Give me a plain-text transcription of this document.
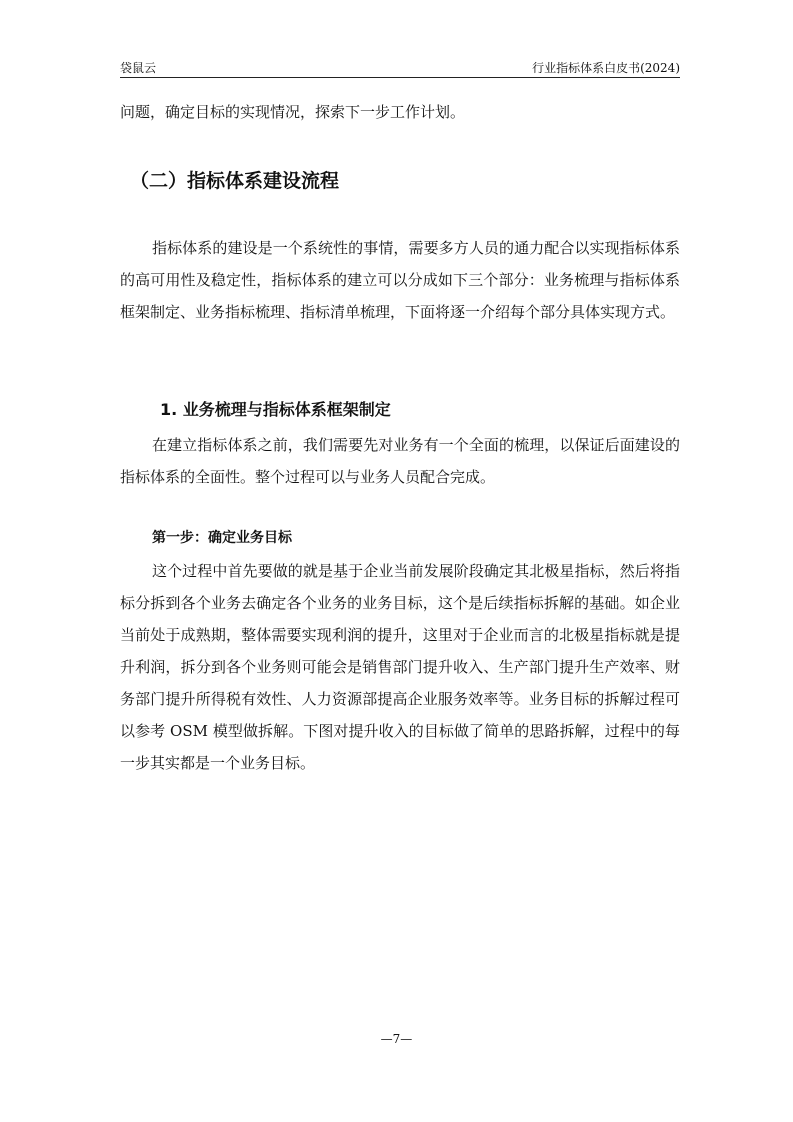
袋鼠云	行业指标体系白皮书(2024)
问题，确定目标的实现情况，探索下一步工作计划。
（二）指标体系建设流程
指标体系的建设是一个系统性的事情，需要多方人员的通力配合以实现指标体系的高可用性及稳定性，指标体系的建立可以分成如下三个部分：业务梳理与指标体系框架制定、业务指标梳理、指标清单梳理，下面将逐一介绍每个部分具体实现方式。
1. 业务梳理与指标体系框架制定
在建立指标体系之前，我们需要先对业务有一个全面的梳理，以保证后面建设的指标体系的全面性。整个过程可以与业务人员配合完成。
第一步：确定业务目标
这个过程中首先要做的就是基于企业当前发展阶段确定其北极星指标，然后将指标分拆到各个业务去确定各个业务的业务目标，这个是后续指标拆解的基础。如企业当前处于成熟期，整体需要实现利润的提升，这里对于企业而言的北极星指标就是提升利润，拆分到各个业务则可能会是销售部门提升收入、生产部门提升生产效率、财务部门提升所得税有效性、人力资源部提高企业服务效率等。业务目标的拆解过程可以参考 OSM 模型做拆解。下图对提升收入的目标做了简单的思路拆解，过程中的每一步其实都是一个业务目标。
—7—
